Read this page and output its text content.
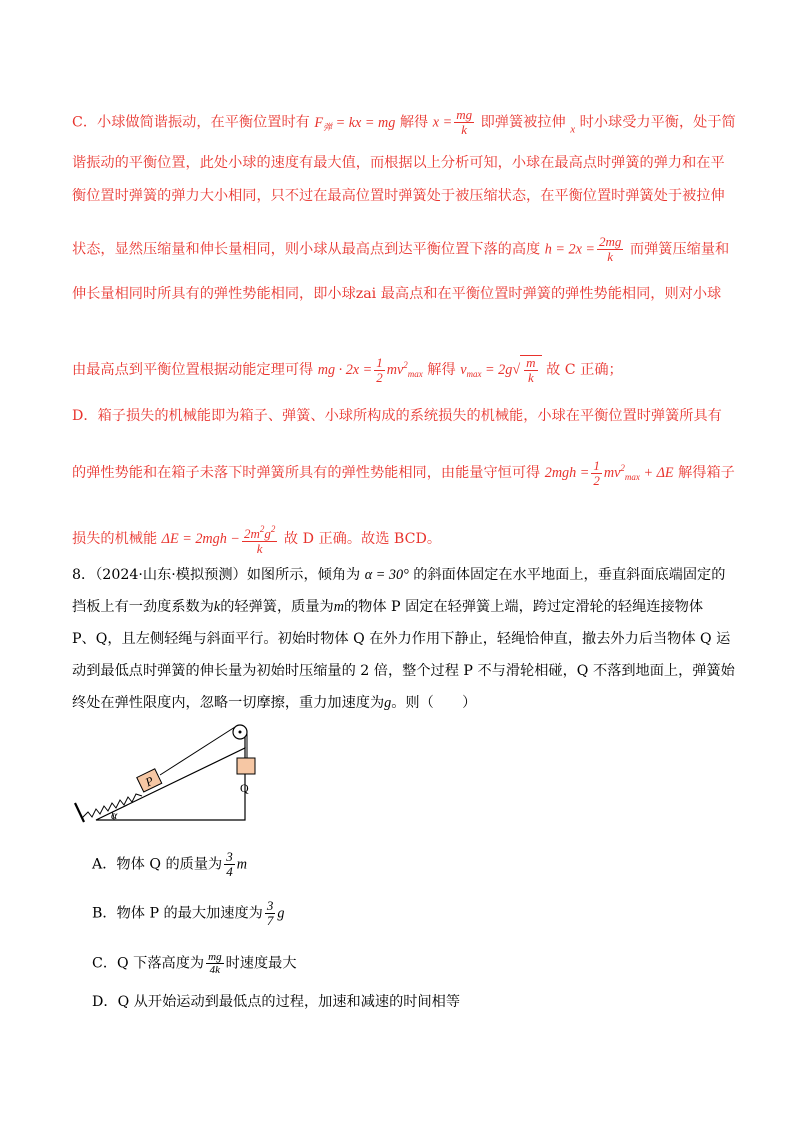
C．小球做简谐振动，在平衡位置时有 $F_弹$ = kx = mg 解得 $x = \frac{mg}{k}$ 即弹簧被拉伸 $_x$ 时小球受力平衡，处于简
谐振动的平衡位置，此处小球的速度有最大值，而根据以上分析可知，小球在最高点时弹簧的弹力和在平
衡位置时弹簧的弹力大小相同，只不过在最高位置时弹簧处于被压缩状态，在平衡位置时弹簧处于被拉伸
状态，显然压缩量和伸长量相同，则小球从最高点到达平衡位置下落的高度 $h = 2x = \frac{2mg}{k}$ 而弹簧压缩量和
伸长量相同时所具有的弹性势能相同，即小球zai 最高点和在平衡位置时弹簧的弹性势能相同，则对小球
由最高点到平衡位置根据动能定理可得 mg · $2x = \frac{1}{2} mv^2_{max}$ 解得 $v_{max} = 2g√ \frac{m}{k}$ 故 C 正确；
D．箱子损失的机械能即为箱子、弹簧、小球所构成的系统损失的机械能，小球在平衡位置时弹簧所具有
的弹性势能和在箱子未落下时弹簧所具有的弹性势能相同，由能量守恒可得 $2mgh = \frac{1}{2} mv^2_{max} + \Delta E$ 解得箱子
损失的机械能 $\Delta E = 2mgh - \frac{2m^2g^2}{k}$ 故 D 正确。故选 BCD。
8．（2024·山东·模拟预测）如图所示，倾角为 α = 30° 的斜面体固定在水平地面上，垂直斜面底端固定的
挡板上有一劲度系数为k的轻弹簧，质量为m的物体 P 固定在轻弹簧上端，跨过定滑轮的轻绳连接物体
P、Q，且左侧轻绳与斜面平行。初始时物体 Q 在外力作用下静止，轻绳恰伸直，撤去外力后当物体 Q 运
动到最低点时弹簧的伸长量为初始时压缩量的 2 倍，整个过程 P 不与滑轮相碰，Q 不落到地面上，弹簧始
终处在弹性限度内，忽略一切摩擦，重力加速度为g。则（　　）
P	Q
α
A．物体 Q 的质量为 $\frac{3}{4}$ m
B．物体 P 的最大加速度为 $\frac{3}{7}$ g
C．Q 下落高度为 $\frac{mg}{4k}$ 时速度最大
D．Q 从开始运动到最低点的过程，加速和减速的时间相等
